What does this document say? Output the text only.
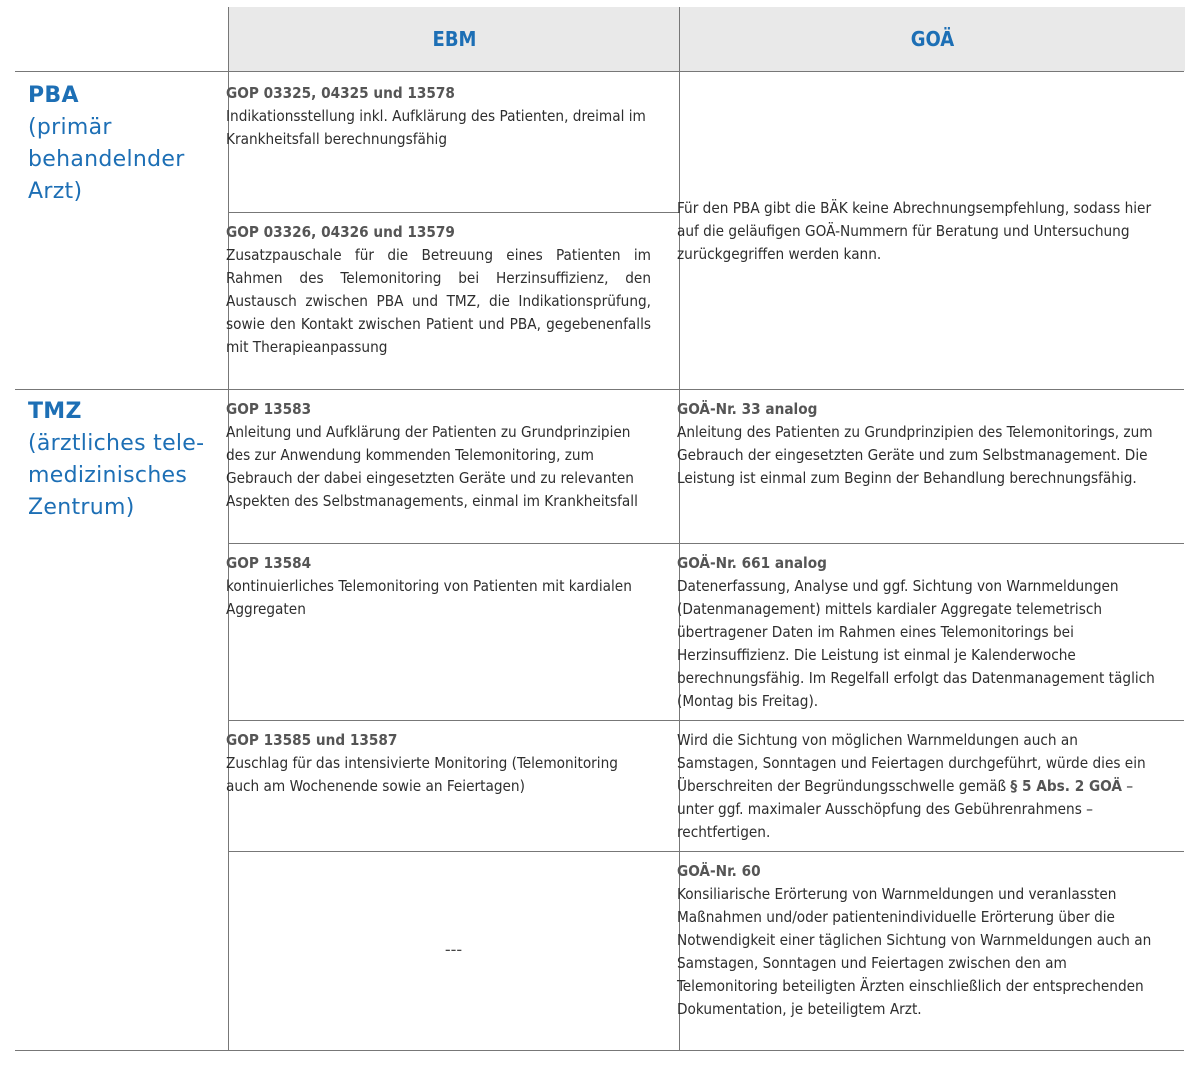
EBM	GOÄ
PBA
(primär
behandelnder
Arzt)
TMZ
(ärztliches tele-
medizinisches
Zentrum)
GOP 03325, 04325 und 13578
Indikationsstellung inkl. Aufklärung des Patienten, dreimal im Krankheitsfall berechnungsfähig
GOP 03326, 04326 und 13579
Zusatzpauschale für die Betreuung eines Patienten im Rahmen des Telemonitoring bei Herzinsuffizienz, den Austausch zwischen PBA und TMZ, die Indikationsprüfung, sowie den Kontakt zwischen Patient und PBA, gegebenenfalls mit Therapieanpassung
Für den PBA gibt die BÄK keine Abrechnungsempfehlung, sodass hier auf die geläufigen GOÄ-Nummern für Beratung und Untersuchung zurückgegriffen werden kann.
GOP 13583
Anleitung und Aufklärung der Patienten zu Grundprinzipien des zur Anwendung kommenden Telemonitoring, zum Gebrauch der dabei eingesetzten Geräte und zu relevanten Aspekten des Selbstmanagements, einmal im Krankheitsfall
GOÄ-Nr. 33 analog
Anleitung des Patienten zu Grundprinzipien des Telemonitorings, zum Gebrauch der eingesetzten Geräte und zum Selbstmanagement. Die Leistung ist einmal zum Beginn der Behandlung berechnungsfähig.
GOP 13584
kontinuierliches Telemonitoring von Patienten mit kardialen Aggregaten
GOÄ-Nr. 661 analog
Datenerfassung, Analyse und ggf. Sichtung von Warnmeldungen (Datenmanagement) mittels kardialer Aggregate telemetrisch übertragener Daten im Rahmen eines Telemonitorings bei Herzinsuffizienz. Die Leistung ist einmal je Kalenderwoche berechnungsfähig. Im Regelfall erfolgt das Datenmanagement täglich (Montag bis Freitag).
GOP 13585 und 13587
Zuschlag für das intensivierte Monitoring (Telemonitoring auch am Wochenende sowie an Feiertagen)
Wird die Sichtung von möglichen Warnmeldungen auch an Samstagen, Sonntagen und Feiertagen durchgeführt, würde dies ein Überschreiten der Begründungsschwelle gemäß § 5 Abs. 2 GOÄ – unter ggf. maximaler Ausschöpfung des Gebührenrahmens – rechtfertigen.
---
GOÄ-Nr. 60
Konsiliarische Erörterung von Warnmeldungen und veranlassten Maßnahmen und/oder patientenindividuelle Erörterung über die Notwendigkeit einer täglichen Sichtung von Warnmeldungen auch an Samstagen, Sonntagen und Feiertagen zwischen den am Telemonitoring beteiligten Ärzten einschließlich der entsprechenden Dokumentation, je beteiligtem Arzt.
